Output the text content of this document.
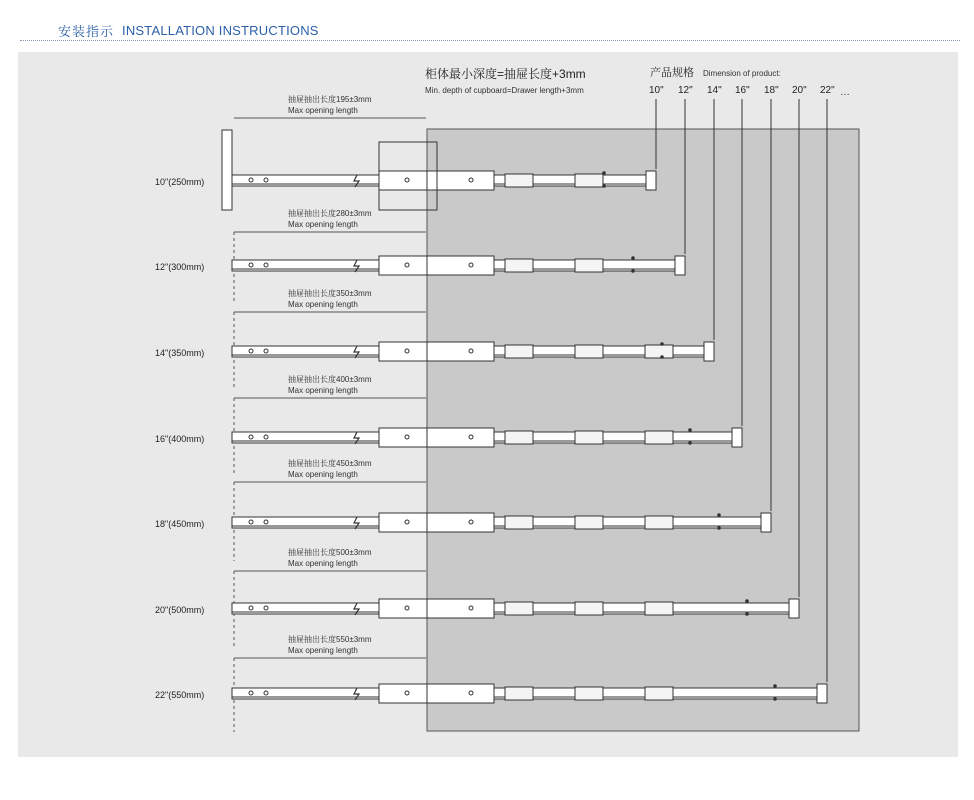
安装指示 INSTALLATION INSTRUCTIONS
柜体最小深度=抽屉长度+3mm
Min. depth of cupboard=Drawer length+3mm
产品规格 Dimension of product:
…
10" 12" 14" 16" 18" 20" 22"
10"(250mm)
抽屉抽出长度195±3mm
Max opening length
12"(300mm)
抽屉抽出长度280±3mm
Max opening length
14"(350mm)
抽屉抽出长度350±3mm
Max opening length
16"(400mm)
抽屉抽出长度400±3mm
Max opening length
18"(450mm)
抽屉抽出长度450±3mm
Max opening length
20"(500mm)
抽屉抽出长度500±3mm
Max opening length
22"(550mm)
抽屉抽出长度550±3mm
Max opening length
